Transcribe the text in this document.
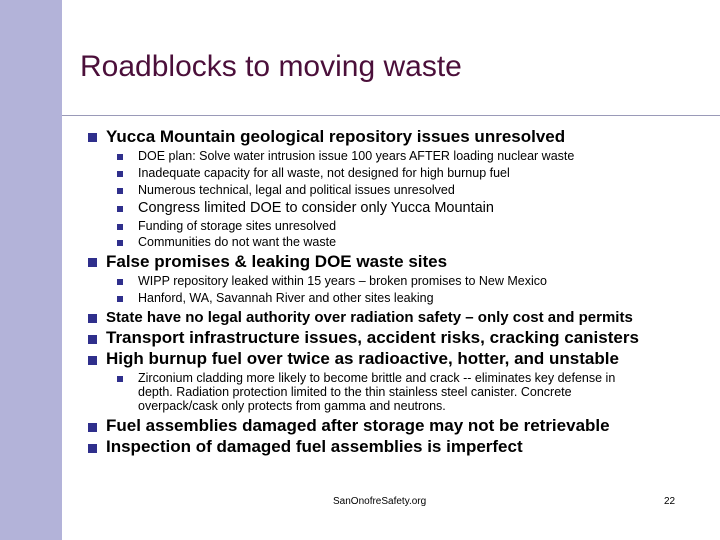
Roadblocks to moving waste
Yucca Mountain geological repository issues unresolved
DOE plan: Solve water intrusion issue 100 years AFTER loading nuclear waste
Inadequate capacity for all waste, not designed for high burnup fuel
Numerous technical, legal and political issues unresolved
Congress limited DOE to consider only Yucca Mountain
Funding of storage sites unresolved
Communities do not want the waste
False promises & leaking DOE waste sites
WIPP repository leaked within 15 years – broken promises to New Mexico
Hanford, WA, Savannah River and other sites leaking
State have no legal authority over radiation safety – only cost and permits
Transport infrastructure issues, accident risks, cracking canisters
High burnup fuel over twice as radioactive, hotter, and unstable
Zirconium cladding more likely to become brittle and crack -- eliminates key defense in
depth. Radiation protection limited to the thin stainless steel canister. Concrete
overpack/cask only protects from gamma and neutrons.
Fuel assemblies damaged after storage may not be retrievable
Inspection of damaged fuel assemblies is imperfect
SanOnofreSafety.org	22
